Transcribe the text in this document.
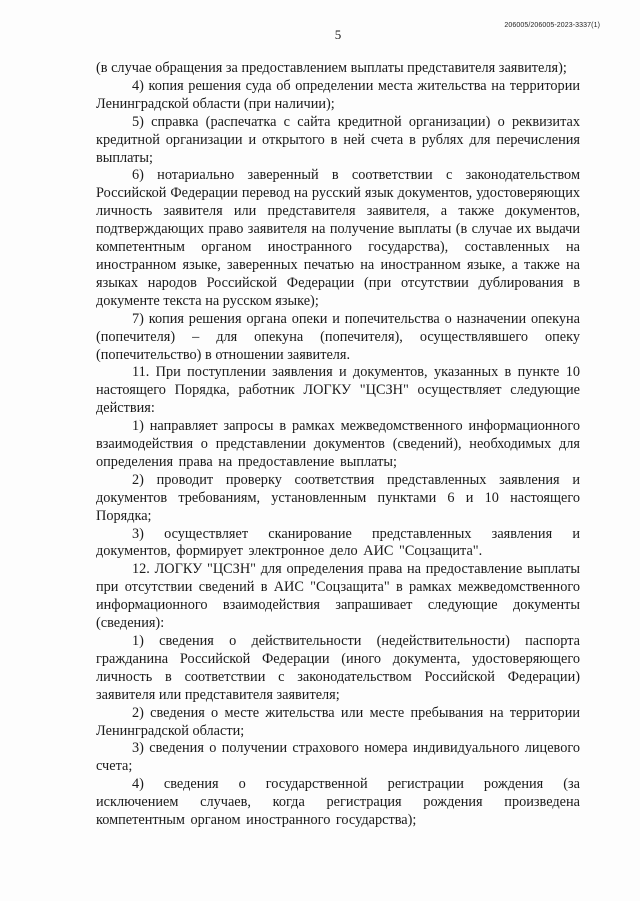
206005/206005-2023-3337(1)
5

(в случае обращения за предоставлением выплаты представителя заявителя);

4) копия решения суда об определении места жительства на территории Ленинградской области (при наличии);

5) справка (распечатка с сайта кредитной организации) о реквизитах кредитной организации и открытого в ней счета в рублях для перечисления выплаты;

6) нотариально заверенный в соответствии с законодательством Российской Федерации перевод на русский язык документов, удостоверяющих личность заявителя или представителя заявителя, а также документов, подтверждающих право заявителя на получение выплаты (в случае их выдачи компетентным органом иностранного государства), составленных на иностранном языке, заверенных печатью на иностранном языке, а также на языках народов Российской Федерации (при отсутствии дублирования в документе текста на русском языке);

7) копия решения органа опеки и попечительства о назначении опекуна (попечителя) – для опекуна (попечителя), осуществлявшего опеку (попечительство) в отношении заявителя.

11. При поступлении заявления и документов, указанных в пункте 10 настоящего Порядка, работник ЛОГКУ "ЦСЗН" осуществляет следующие действия:

1) направляет запросы в рамках межведомственного информационного взаимодействия о представлении документов (сведений), необходимых для определения права на предоставление выплаты;

2) проводит проверку соответствия представленных заявления и документов требованиям, установленным пунктами 6 и 10 настоящего Порядка;

3) осуществляет сканирование представленных заявления и документов, формирует электронное дело АИС "Соцзащита".

12. ЛОГКУ "ЦСЗН" для определения права на предоставление выплаты при отсутствии сведений в АИС "Соцзащита" в рамках межведомственного информационного взаимодействия запрашивает следующие документы (сведения):

1) сведения о действительности (недействительности) паспорта гражданина Российской Федерации (иного документа, удостоверяющего личность в соответствии с законодательством Российской Федерации) заявителя или представителя заявителя;

2) сведения о месте жительства или месте пребывания на территории Ленинградской области;

3) сведения о получении страхового номера индивидуального лицевого счета;

4) сведения о государственной регистрации рождения (за исключением случаев, когда регистрация рождения произведена компетентным органом иностранного государства);
